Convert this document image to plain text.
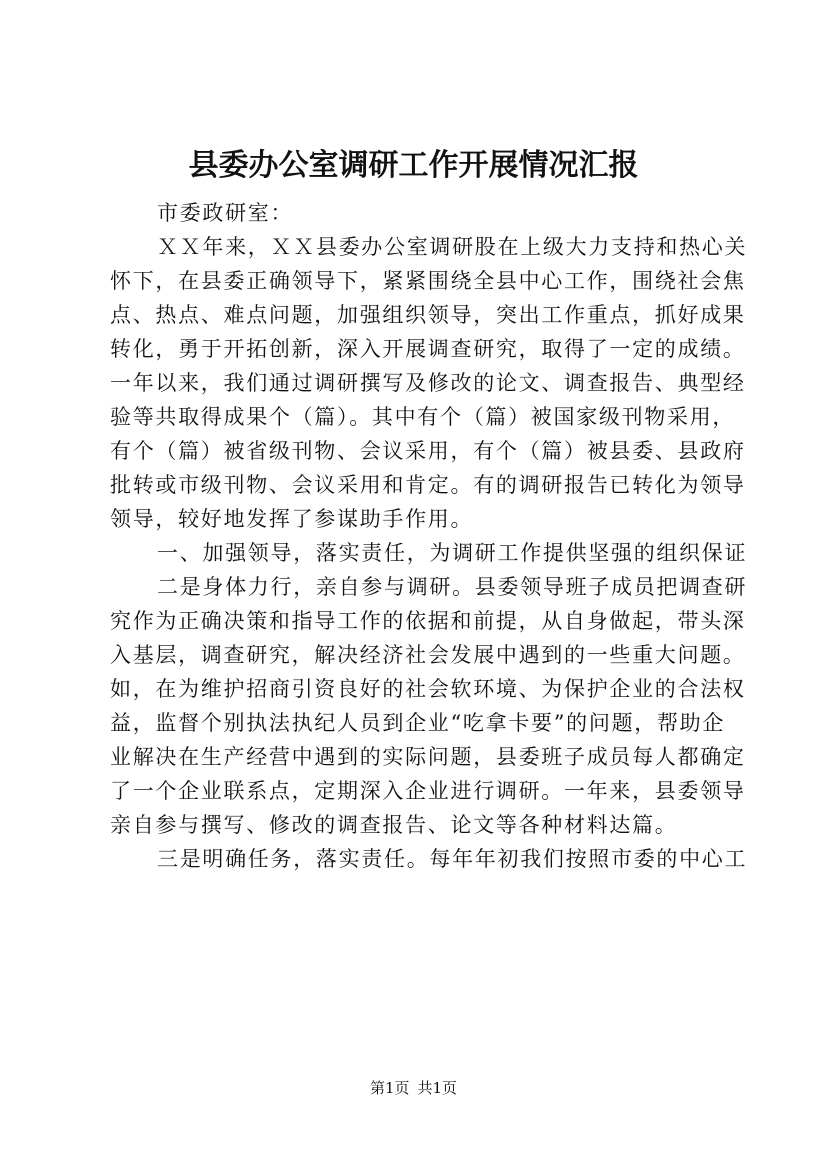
县委办公室调研工作开展情况汇报
市委政研室：
ＸＸ年来，ＸＸ县委办公室调研股在上级大力支持和热心关
怀下，在县委正确领导下，紧紧围绕全县中心工作，围绕社会焦
点、热点、难点问题，加强组织领导，突出工作重点，抓好成果
转化，勇于开拓创新，深入开展调查研究，取得了一定的成绩。
一年以来，我们通过调研撰写及修改的论文、调查报告、典型经
验等共取得成果个（篇）。其中有个（篇）被国家级刊物采用，
有个（篇）被省级刊物、会议采用，有个（篇）被县委、县政府
批转或市级刊物、会议采用和肯定。有的调研报告已转化为领导
领导，较好地发挥了参谋助手作用。
一、加强领导，落实责任，为调研工作提供坚强的组织保证
二是身体力行，亲自参与调研。县委领导班子成员把调查研
究作为正确决策和指导工作的依据和前提，从自身做起，带头深
入基层，调查研究，解决经济社会发展中遇到的一些重大问题。
如，在为维护招商引资良好的社会软环境、为保护企业的合法权
益，监督个别执法执纪人员到企业“吃拿卡要”的问题，帮助企
业解决在生产经营中遇到的实际问题，县委班子成员每人都确定
了一个企业联系点，定期深入企业进行调研。一年来，县委领导
亲自参与撰写、修改的调查报告、论文等各种材料达篇。
三是明确任务，落实责任。每年年初我们按照市委的中心工
第1页 共1页
